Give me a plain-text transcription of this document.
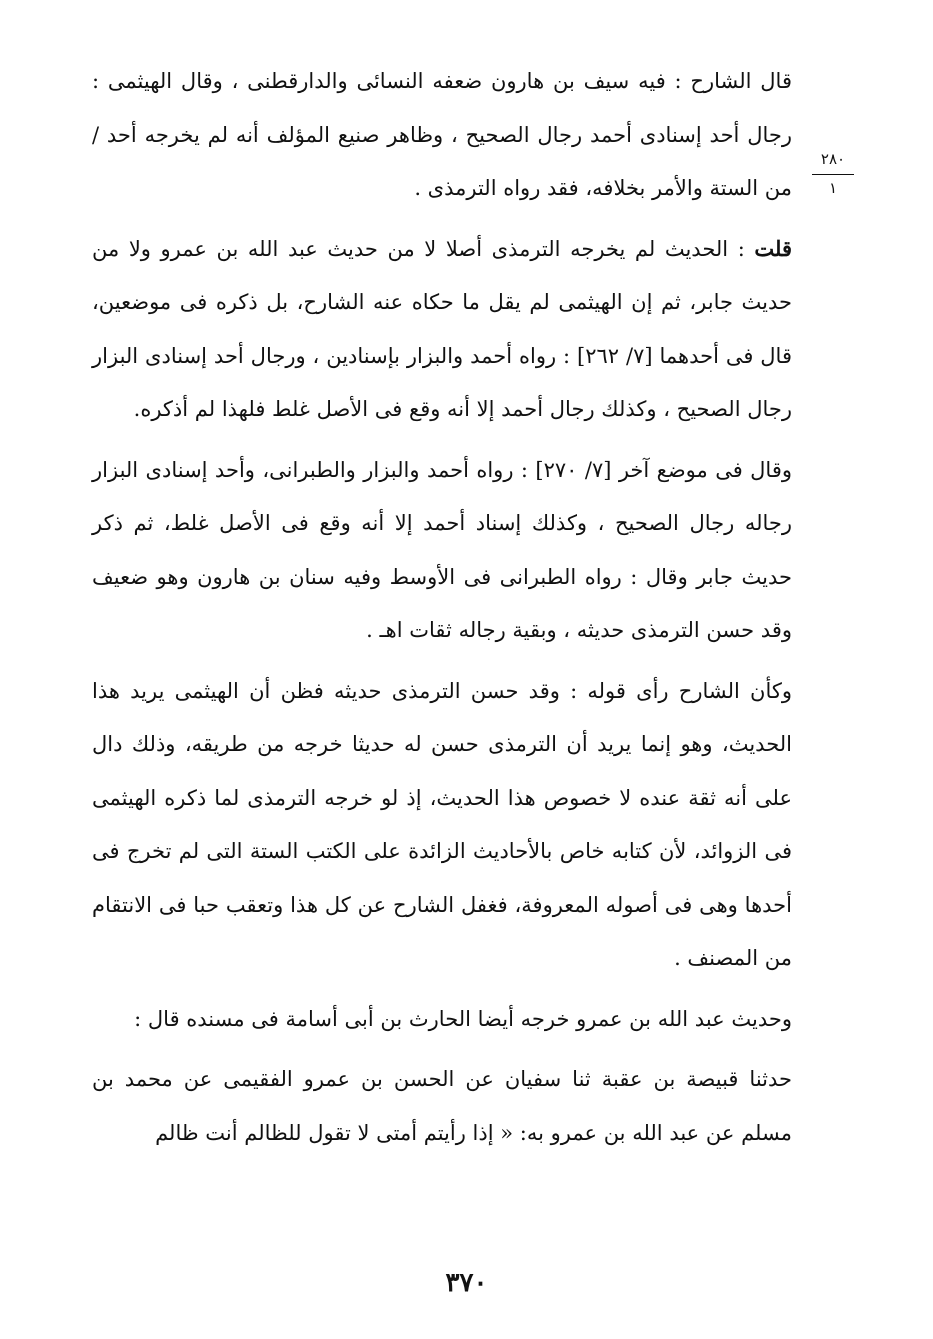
٢٨٠
١

قال الشارح : فيه سيف بن هارون ضعفه النسائى والدارقطنى ، وقال الهيثمى : رجال أحد إسنادى أحمد رجال الصحيح ، وظاهر صنيع المؤلف أنه لم يخرجه أحد / من الستة والأمر بخلافه، فقد رواه الترمذى .

قلت : الحديث لم يخرجه الترمذى أصلا لا من حديث عبد الله بن عمرو ولا من حديث جابر، ثم إن الهيثمى لم يقل ما حكاه عنه الشارح، بل ذكره فى موضعين، قال فى أحدهما [٧/ ٢٦٢] : رواه أحمد والبزار بإسنادين ، ورجال أحد إسنادى البزار رجال الصحيح ، وكذلك رجال أحمد إلا أنه وقع فى الأصل غلط فلهذا لم أذكره.

وقال فى موضع آخر [٧/ ٢٧٠] : رواه أحمد والبزار والطبرانى، وأحد إسنادى البزار رجاله رجال الصحيح ، وكذلك إسناد أحمد إلا أنه وقع فى الأصل غلط، ثم ذكر حديث جابر وقال : رواه الطبرانى فى الأوسط وفيه سنان بن هارون وهو ضعيف وقد حسن الترمذى حديثه ، وبقية رجاله ثقات اهـ .

وكأن الشارح رأى قوله : وقد حسن الترمذى حديثه فظن أن الهيثمى يريد هذا الحديث، وهو إنما يريد أن الترمذى حسن له حديثا خرجه من طريقه، وذلك دال على أنه ثقة عنده لا خصوص هذا الحديث، إذ لو خرجه الترمذى لما ذكره الهيثمى فى الزوائد، لأن كتابه خاص بالأحاديث الزائدة على الكتب الستة التى لم تخرج فى أحدها وهى فى أصوله المعروفة، فغفل الشارح عن كل هذا وتعقب حبا فى الانتقام من المصنف .

وحديث عبد الله بن عمرو خرجه أيضا الحارث بن أبى أسامة فى مسنده قال :

حدثنا قبيصة بن عقبة ثنا سفيان عن الحسن بن عمرو الفقيمى عن محمد بن مسلم عن عبد الله بن عمرو به: « إذا رأيتم أمتى لا تقول للظالم أنت ظالم

٣٧٠
